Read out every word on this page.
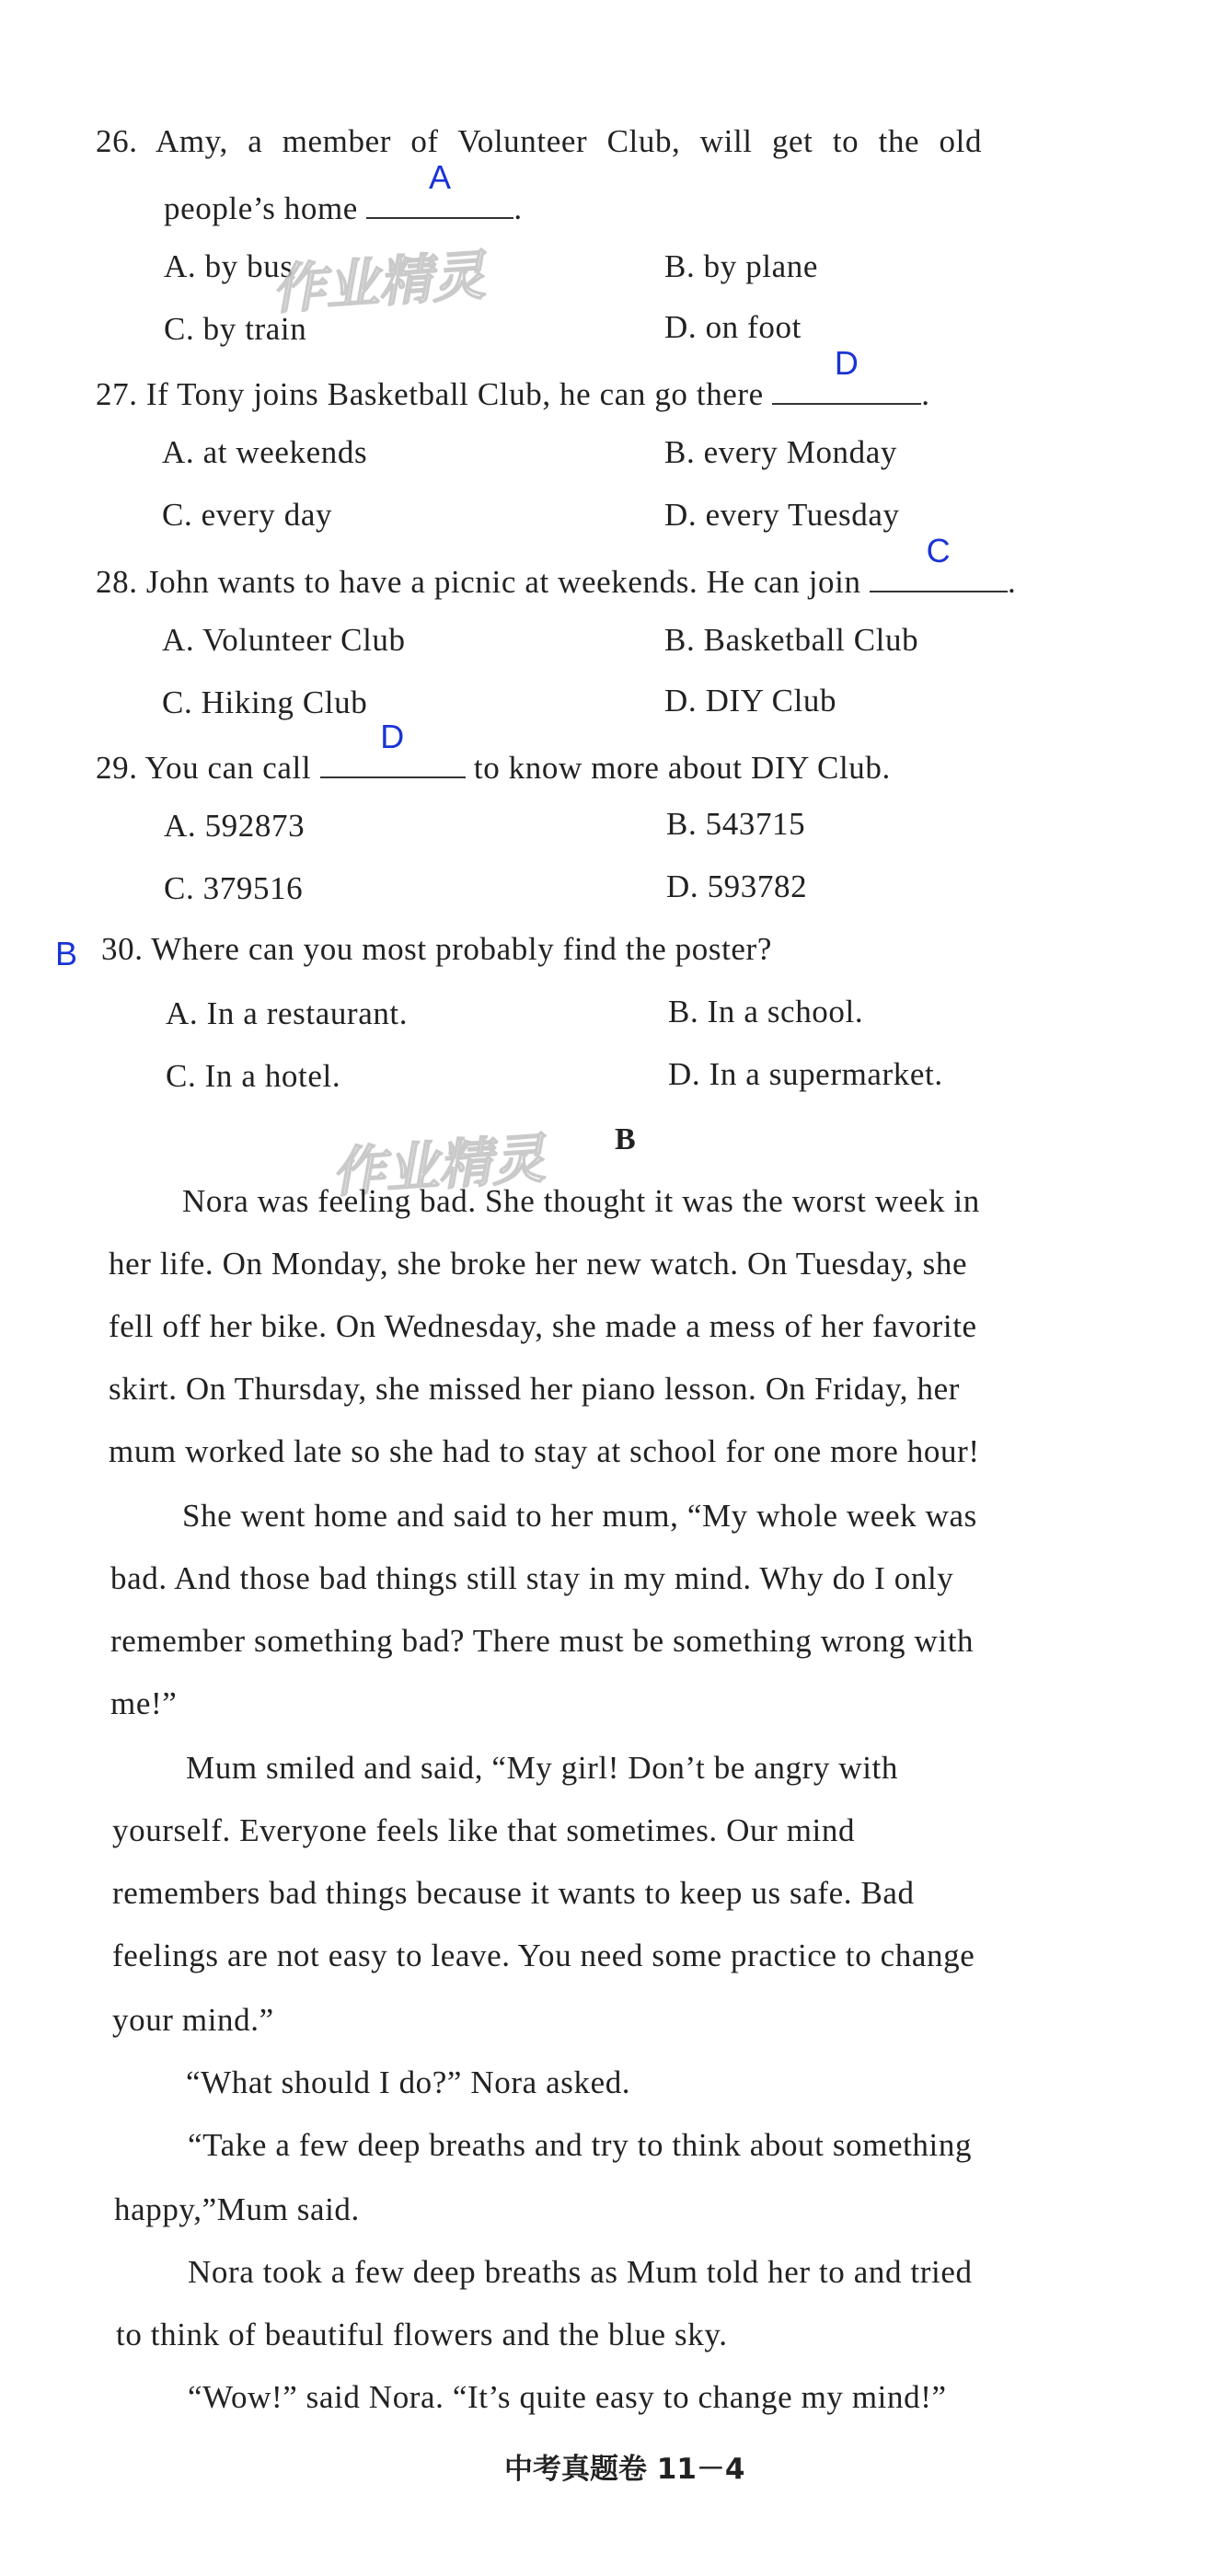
26. Amy, a member of Volunteer Club, will get to the old
people’s home
A
.
A. by bus	B. by plane
C. by train	D. on foot
27. If Tony joins Basketball Club, he can go there
D
.
A. at weekends	B. every Monday
C. every day	D. every Tuesday
28. John wants to have a picnic at weekends. He can join
C
.
A. Volunteer Club	B. Basketball Club
C. Hiking Club	D. DIY Club
29. You can call
D
to know more about DIY Club.
A. 592873	B. 543715
C. 379516	D. 593782
B 30. Where can you most probably find the poster?
A. In a restaurant.	B. In a school.
C. In a hotel.	D. In a supermarket.
作业精灵
作业精灵 B
Nora was feeling bad. She thought it was the worst week in
her life. On Monday, she broke her new watch. On Tuesday, she
fell off her bike. On Wednesday, she made a mess of her favorite
skirt. On Thursday, she missed her piano lesson. On Friday, her
mum worked late so she had to stay at school for one more hour!
She went home and said to her mum, “My whole week was
bad. And those bad things still stay in my mind. Why do I only
remember something bad? There must be something wrong with
me!”
Mum smiled and said, “My girl! Don’t be angry with
yourself. Everyone feels like that sometimes. Our mind
remembers bad things because it wants to keep us safe. Bad
feelings are not easy to leave. You need some practice to change
your mind.”
“What should I do?” Nora asked.
“Take a few deep breaths and try to think about something
happy,”Mum said.
Nora took a few deep breaths as Mum told her to and tried
to think of beautiful flowers and the blue sky.
“Wow!” said Nora. “It’s quite easy to change my mind!”
中考真题卷 11－4
